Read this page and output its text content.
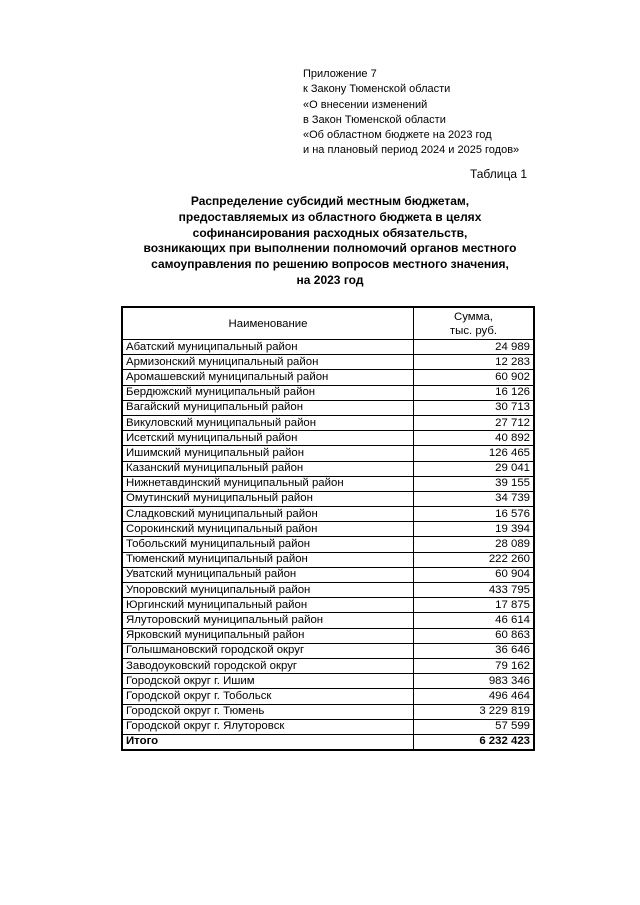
Приложение 7
к Закону Тюменской области
«О внесении изменений
в Закон Тюменской области
«Об областном бюджете на 2023 год
и на плановый период 2024 и 2025 годов»
Таблица 1
Распределение субсидий местным бюджетам,
предоставляемых из областного бюджета в целях
софинансирования расходных обязательств,
возникающих при выполнении полномочий органов местного
самоуправления по решению вопросов местного значения,
на 2023 год
Наименование	Сумма,
тыс. руб.

Абатский муниципальный район	24 989
Армизонский муниципальный район	12 283
Аромашевский муниципальный район	60 902
Бердюжский муниципальный район	16 126
Вагайский муниципальный район	30 713
Викуловский муниципальный район	27 712
Исетский муниципальный район	40 892
Ишимский муниципальный район	126 465
Казанский муниципальный район	29 041
Нижнетавдинский муниципальный район	39 155
Омутинский муниципальный район	34 739
Сладковский муниципальный район	16 576
Сорокинский муниципальный район	19 394
Тобольский муниципальный район	28 089
Тюменский муниципальный район	222 260
Уватский муниципальный район	60 904
Упоровский муниципальный район	433 795
Юргинский муниципальный район	17 875
Ялуторовский муниципальный район	46 614
Ярковский муниципальный район	60 863
Голышмановский городской округ	36 646
Заводоуковский городской округ	79 162
Городской округ г. Ишим	983 346
Городской округ г. Тобольск	496 464
Городской округ г. Тюмень	3 229 819
Городской округ г. Ялуторовск	57 599
Итого	6 232 423
